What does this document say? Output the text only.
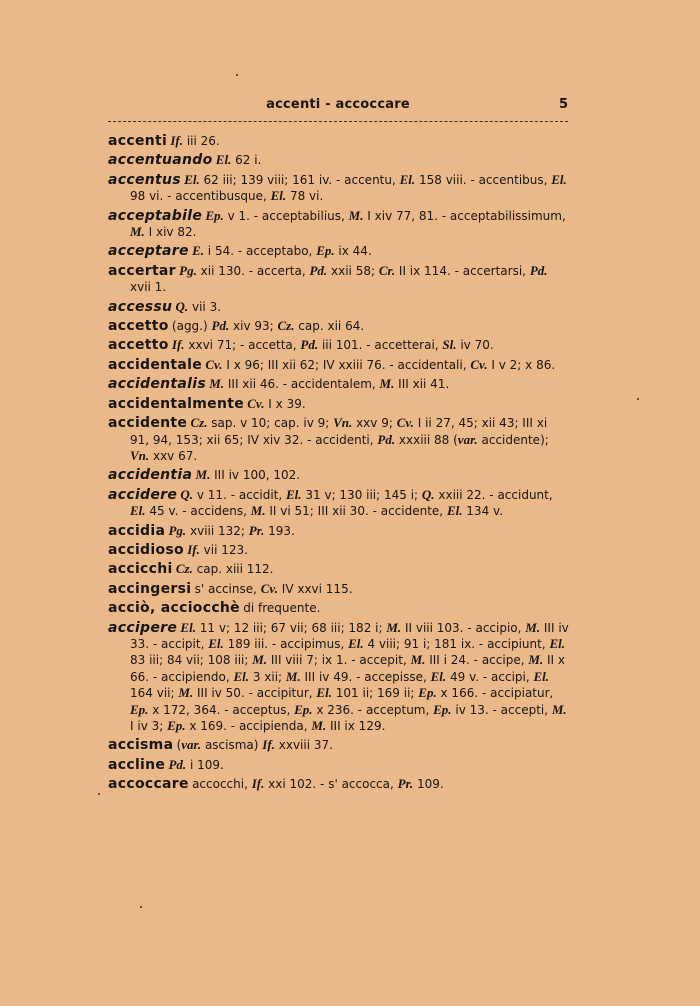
accenti - accoccare	5
accenti If. iii 26.
accentuando El. 62 i.
accentus El. 62 iii; 139 viii; 161 iv. - accentu, El. 158 viii. - accentibus, El. 98 vi. - accentibusque, El. 78 vi.
acceptabile Ep. v 1. - acceptabilius, M. I xiv 77, 81. - acceptabilissimum, M. I xiv 82.
acceptare E. i 54. - acceptabo, Ep. ix 44.
accertar Pg. xii 130. - accerta, Pd. xxii 58; Cr. II ix 114. - accertarsi, Pd. xvii 1.
accessu Q. vii 3.
accetto (agg.) Pd. xiv 93; Cz. cap. xii 64.
accetto If. xxvi 71; - accetta, Pd. iii 101. - accetterai, Sl. iv 70.
accidentale Cv. I x 96; III xii 62; IV xxiii 76. - accidentali, Cv. I v 2; x 86.
accidentalis M. III xii 46. - accidentalem, M. III xii 41.
accidentalmente Cv. I x 39.
accidente Cz. sap. v 10; cap. iv 9; Vn. xxv 9; Cv. I ii 27, 45; xii 43; III xi 91, 94, 153; xii 65; IV xiv 32. - accidenti, Pd. xxxiii 88 (var. accidente); Vn. xxv 67.
accidentia M. III iv 100, 102.
accidere Q. v 11. - accidit, El. 31 v; 130 iii; 145 i; Q. xxiii 22. - accidunt, El. 45 v. - accidens, M. II vi 51; III xii 30. - accidente, El. 134 v.
accidia Pg. xviii 132; Pr. 193.
accidioso If. vii 123.
accicchi Cz. cap. xiii 112.
accingersi s' accinse, Cv. IV xxvi 115.
acciò, acciocchè di frequente.
accipere El. 11 v; 12 iii; 67 vii; 68 iii; 182 i; M. II viii 103. - accipio, M. III iv 33. - accipit, El. 189 iii. - accipimus, El. 4 viii; 91 i; 181 ix. - accipiunt, El. 83 iii; 84 vii; 108 iii; M. III viii 7; ix 1. - accepit, M. III i 24. - accipe, M. II x 66. - accipiendo, El. 3 xii; M. III iv 49. - accepisse, El. 49 v. - accipi, El. 164 vii; M. III iv 50. - accipitur, El. 101 ii; 169 ii; Ep. x 166. - accipiatur, Ep. x 172, 364. - acceptus, Ep. x 236. - acceptum, Ep. iv 13. - accepti, M. I iv 3; Ep. x 169. - accipienda, M. III ix 129.
accisma (var. ascisma) If. xxviii 37.
accline Pd. i 109.
accoccare accocchi, If. xxi 102. - s' accocca, Pr. 109.
